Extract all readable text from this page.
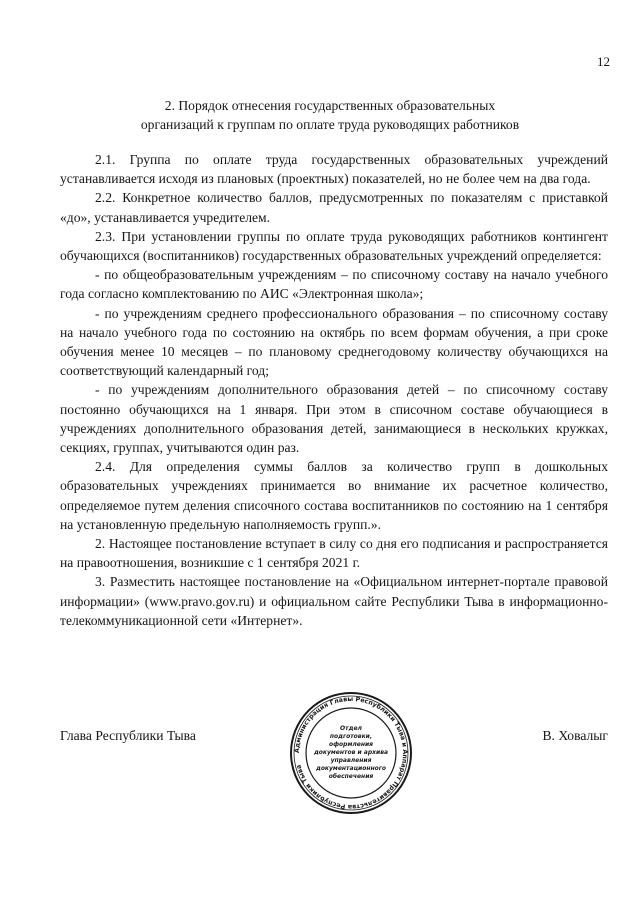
12
2. Порядок отнесения государственных образовательных
организаций к группам по оплате труда руководящих работников

2.1. Группа по оплате труда государственных образовательных учреждений устанавливается исходя из плановых (проектных) показателей, но не более чем на два года.

2.2. Конкретное количество баллов, предусмотренных по показателям с приставкой «до», устанавливается учредителем.

2.3. При установлении группы по оплате труда руководящих работников контингент обучающихся (воспитанников) государственных образовательных учреждений определяется:

- по общеобразовательным учреждениям – по списочному составу на начало учебного года согласно комплектованию по АИС «Электронная школа»;

- по учреждениям среднего профессионального образования – по списочному составу на начало учебного года по состоянию на октябрь по всем формам обучения, а при сроке обучения менее 10 месяцев – по плановому среднегодовому количеству обучающихся на соответствующий календарный год;

- по учреждениям дополнительного образования детей – по списочному составу постоянно обучающихся на 1 января. При этом в списочном составе обучающиеся в учреждениях дополнительного образования детей, занимающиеся в нескольких кружках, секциях, группах, учитываются один раз.

2.4. Для определения суммы баллов за количество групп в дошкольных образовательных учреждениях принимается во внимание их расчетное количество, определяемое путем деления списочного состава воспитанников по состоянию на 1 сентября на установленную предельную наполняемость групп.».

2. Настоящее постановление вступает в силу со дня его подписания и распространяется на правоотношения, возникшие с 1 сентября 2021 г.

3. Разместить настоящее постановление на «Официальном интернет-портале правовой информации» (www.pravo.gov.ru) и официальном сайте Республики Тыва в информационно-телекоммуникационной сети «Интернет».

Глава Республики Тыва	В. Ховалыг
Администрация Главы Республики Тыва и Аппарат Правительства Республики Тыва
Отдел
подготовки,
оформления
документов и архива
управления
документационного
обеспечения
